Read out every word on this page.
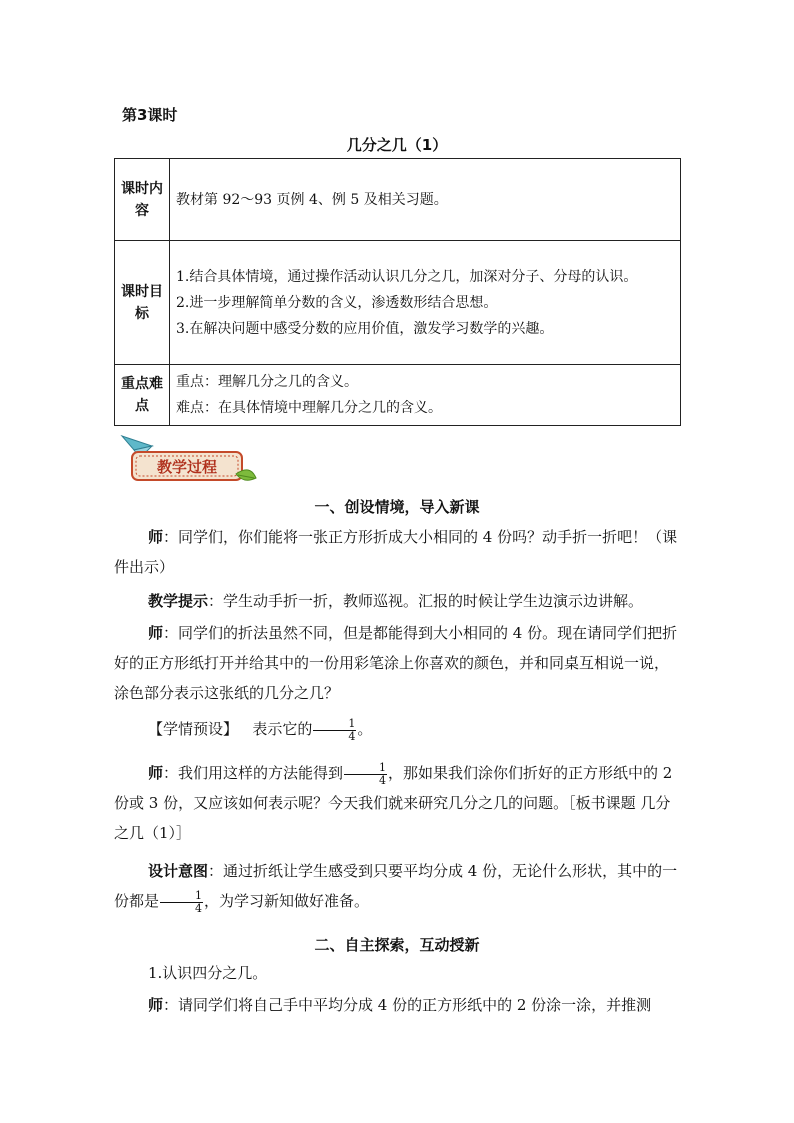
第3课时
几分之几（1）
课时内容	教材第 92～93 页例 4、例 5 及相关习题。
课时目标	1.结合具体情境，通过操作活动认识几分之几，加深对分子、分母的认识。
2.进一步理解简单分数的含义，渗透数形结合思想。
3.在解决问题中感受分数的应用价值，激发学习数学的兴趣。

重点难点	重点：理解几分之几的含义。
难点：在具体情境中理解几分之几的含义。
教学过程
一、创设情境，导入新课
师：同学们，你们能将一张正方形折成大小相同的 4 份吗？动手折一折吧！（课件出示）
教学提示：学生动手折一折，教师巡视。汇报的时候让学生边演示边讲解。
师：同学们的折法虽然不同，但是都能得到大小相同的 4 份。现在请同学们把折好的正方形纸打开并给其中的一份用彩笔涂上你喜欢的颜色，并和同桌互相说一说，涂色部分表示这张纸的几分之几？
【学情预设】 表示它的 $\frac{1}{4}$ 。
师：我们用这样的方法能得到 $\frac{1}{4}$ ，那如果我们涂你们折好的正方形纸中的 2 份或 3 份，又应该如何表示呢？今天我们就来研究几分之几的问题。［板书课题 几分之几（1）］
设计意图：通过折纸让学生感受到只要平均分成 4 份，无论什么形状，其中的一份都是 $\frac{1}{4}$ ，为学习新知做好准备。
二、自主探索，互动授新
1.认识四分之几。
师：请同学们将自己手中平均分成 4 份的正方形纸中的 2 份涂一涂，并推测
